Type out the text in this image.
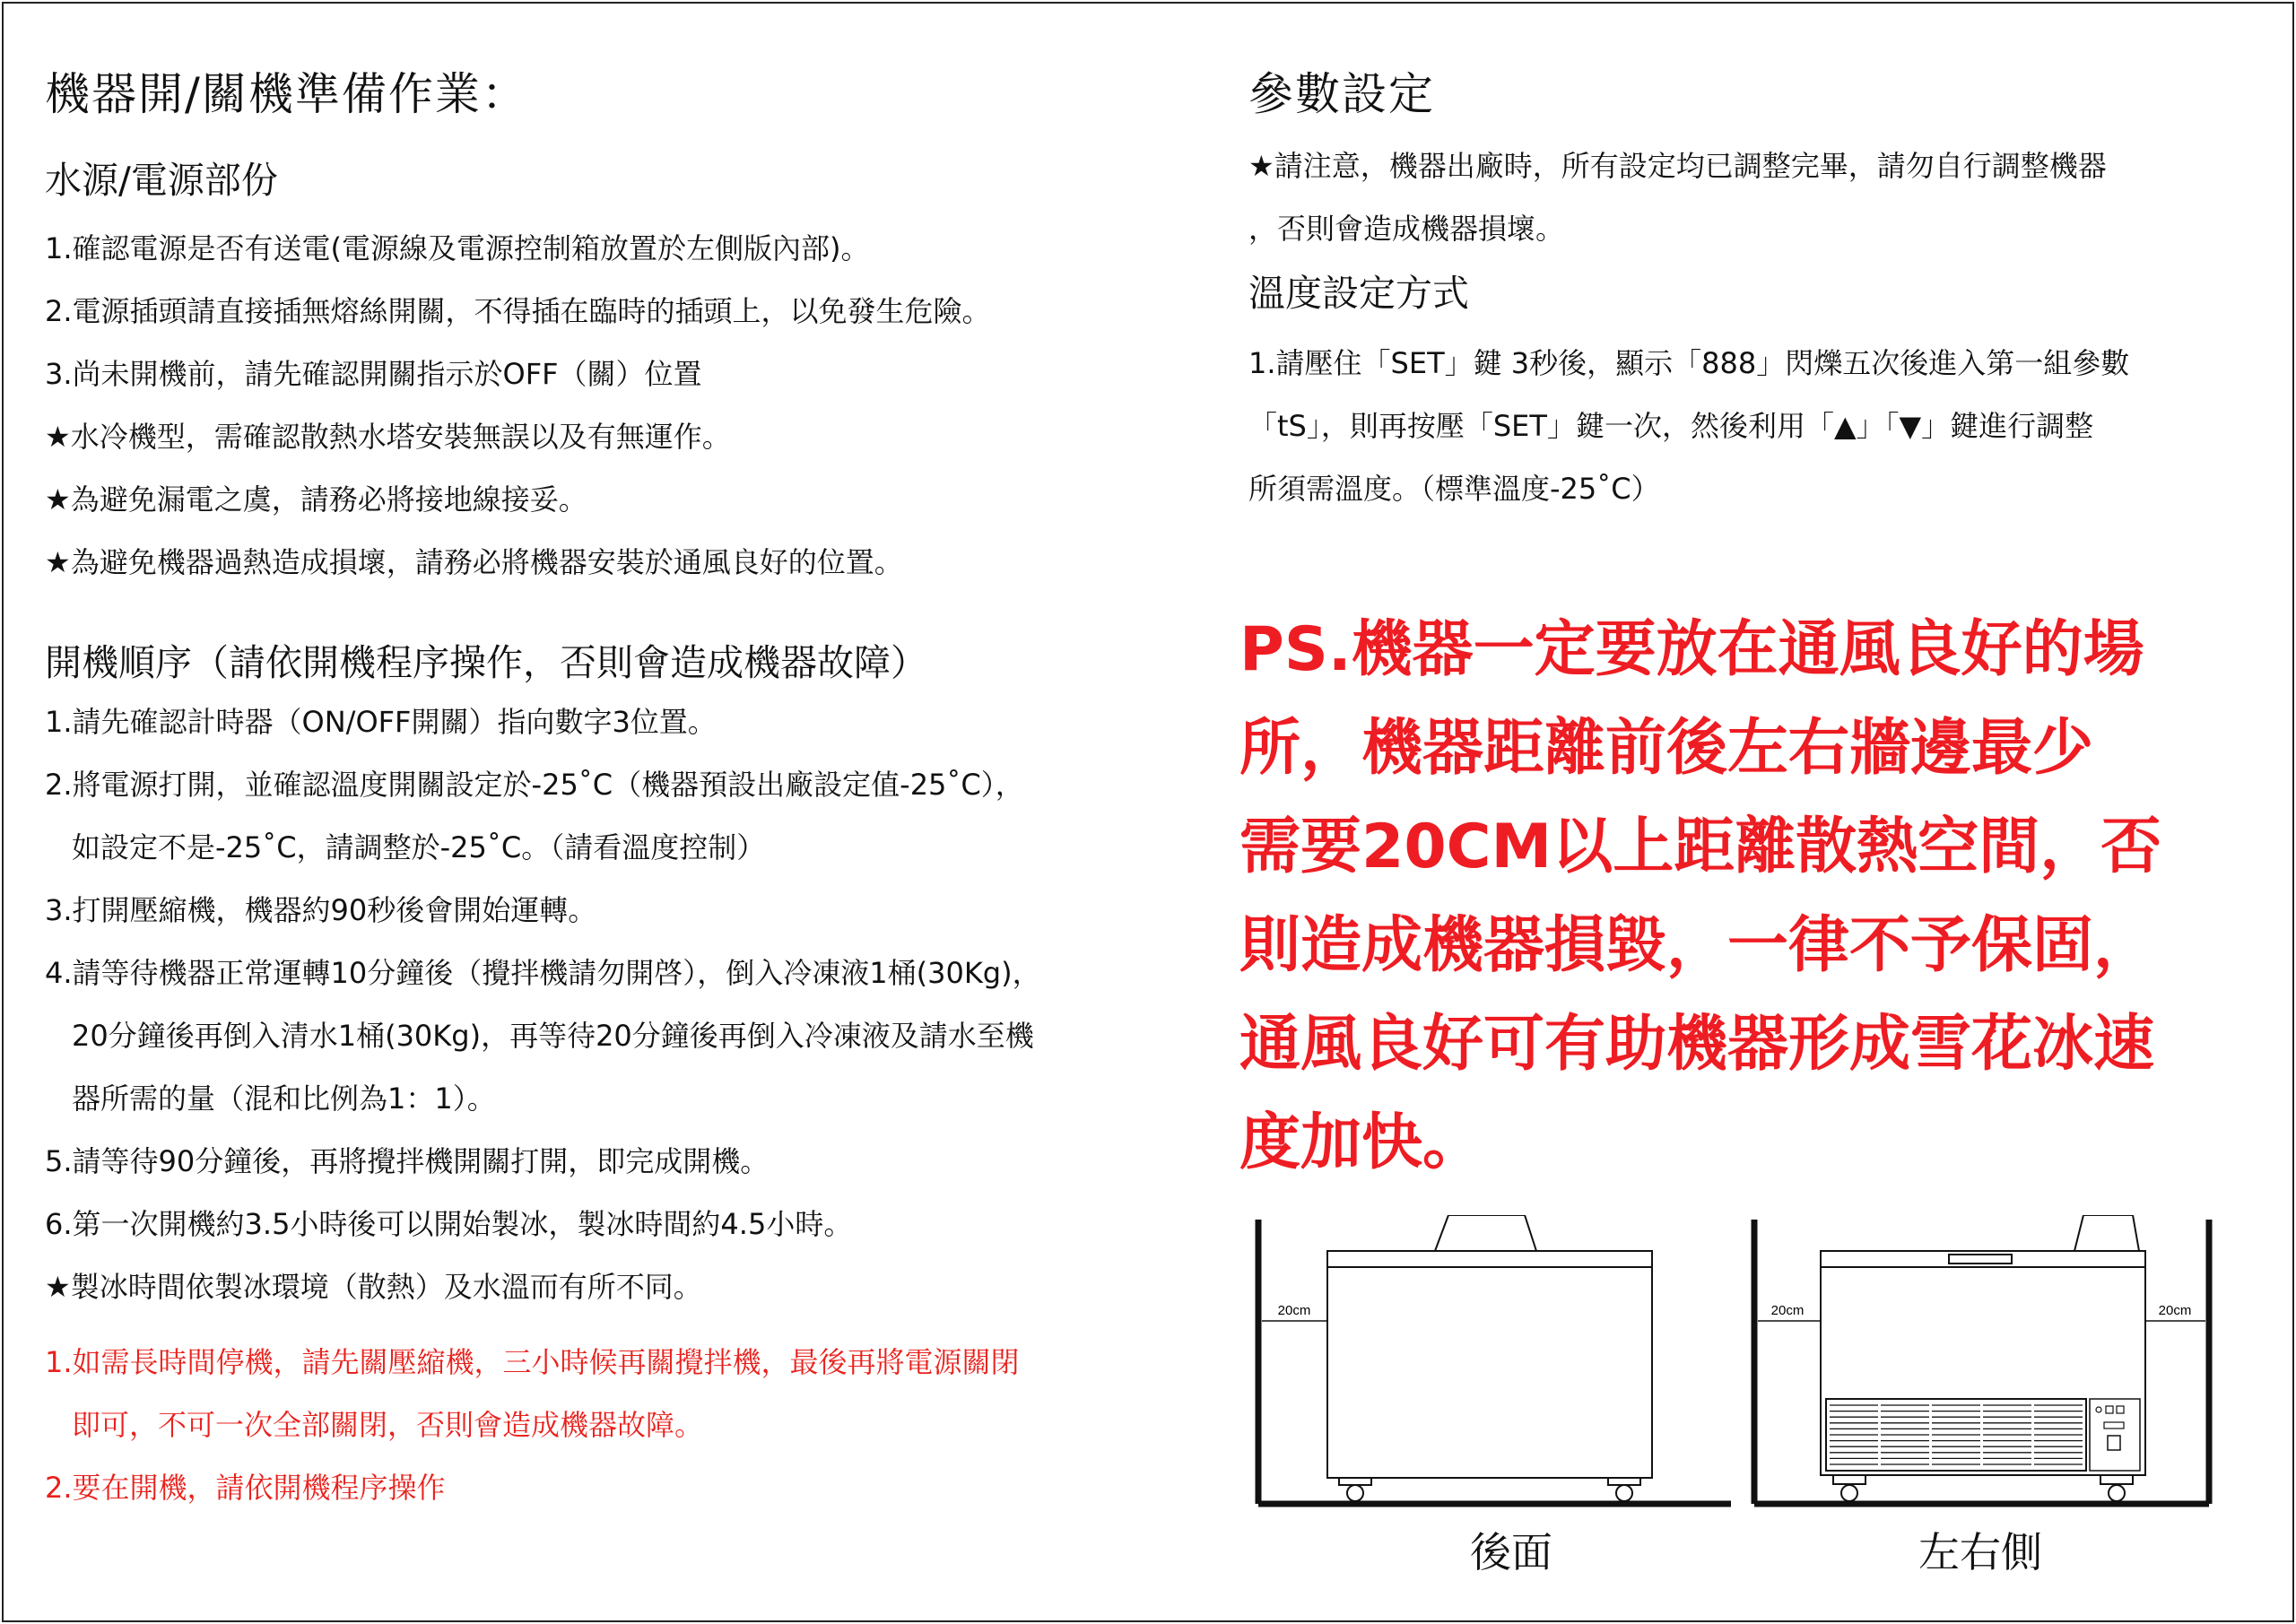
機器開/關機準備作業：
水源/電源部份

1.確認電源是否有送電(電源線及電源控制箱放置於左側版內部)。

2.電源插頭請直接插無熔絲開關，不得插在臨時的插頭上，以免發生危險。

3.尚未開機前，請先確認開關指示於OFF（關）位置

★水冷機型，需確認散熱水塔安裝無誤以及有無運作。

★為避免漏電之虞，請務必將接地線接妥。

★為避免機器過熱造成損壞，請務必將機器安裝於通風良好的位置。

開機順序（請依開機程序操作，否則會造成機器故障）

1.請先確認計時器（ON/OFF開關）指向數字3位置。

2.將電源打開，並確認溫度開關設定於-25˚C（機器預設出廠設定值-25˚C），

如設定不是-25˚C，請調整於-25˚C。（請看溫度控制）

3.打開壓縮機，機器約90秒後會開始運轉。

4.請等待機器正常運轉10分鐘後（攪拌機請勿開啓），倒入冷凍液1桶(30Kg)，

20分鐘後再倒入清水1桶(30Kg)，再等待20分鐘後再倒入冷凍液及請水至機

器所需的量（混和比例為1：1）。

5.請等待90分鐘後，再將攪拌機開關打開，即完成開機。

6.第一次開機約3.5小時後可以開始製冰，製冰時間約4.5小時。

★製冰時間依製冰環境（散熱）及水溫而有所不同。

1.如需長時間停機，請先關壓縮機，三小時候再關攪拌機，最後再將電源關閉

即可，不可一次全部關閉，否則會造成機器故障。

2.要在開機，請依開機程序操作

參數設定

★請注意，機器出廠時，所有設定均已調整完畢，請勿自行調整機器

，否則會造成機器損壞。

溫度設定方式

1.請壓住「SET」鍵 3秒後，顯示「888」閃爍五次後進入第一組參數

「tS」，則再按壓「SET」鍵一次，然後利用「▲」「▼」鍵進行調整

所須需溫度。（標準溫度-25˚C）

PS.機器一定要放在通風良好的場
所，機器距離前後左右牆邊最少
需要20CM以上距離散熱空間，否
則造成機器損毀，一律不予保固，
通風良好可有助機器形成雪花冰速
度加快。
20cm
後面
20cm	20cm
左右側
